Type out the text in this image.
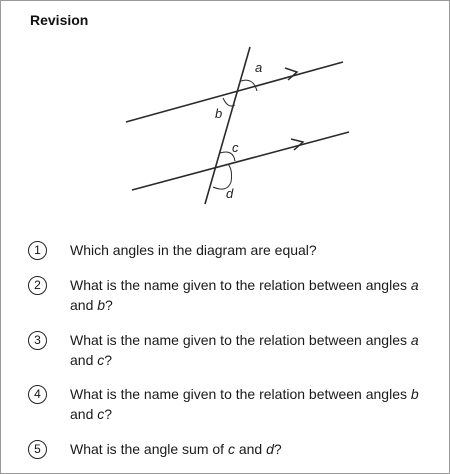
Revision
a
b
c
d
1	Which angles in the diagram are equal?
2	What is the name given to the relation between angles a and b?
3	What is the name given to the relation between angles a and c?
4	What is the name given to the relation between angles b and c?
5	What is the angle sum of c and d?
